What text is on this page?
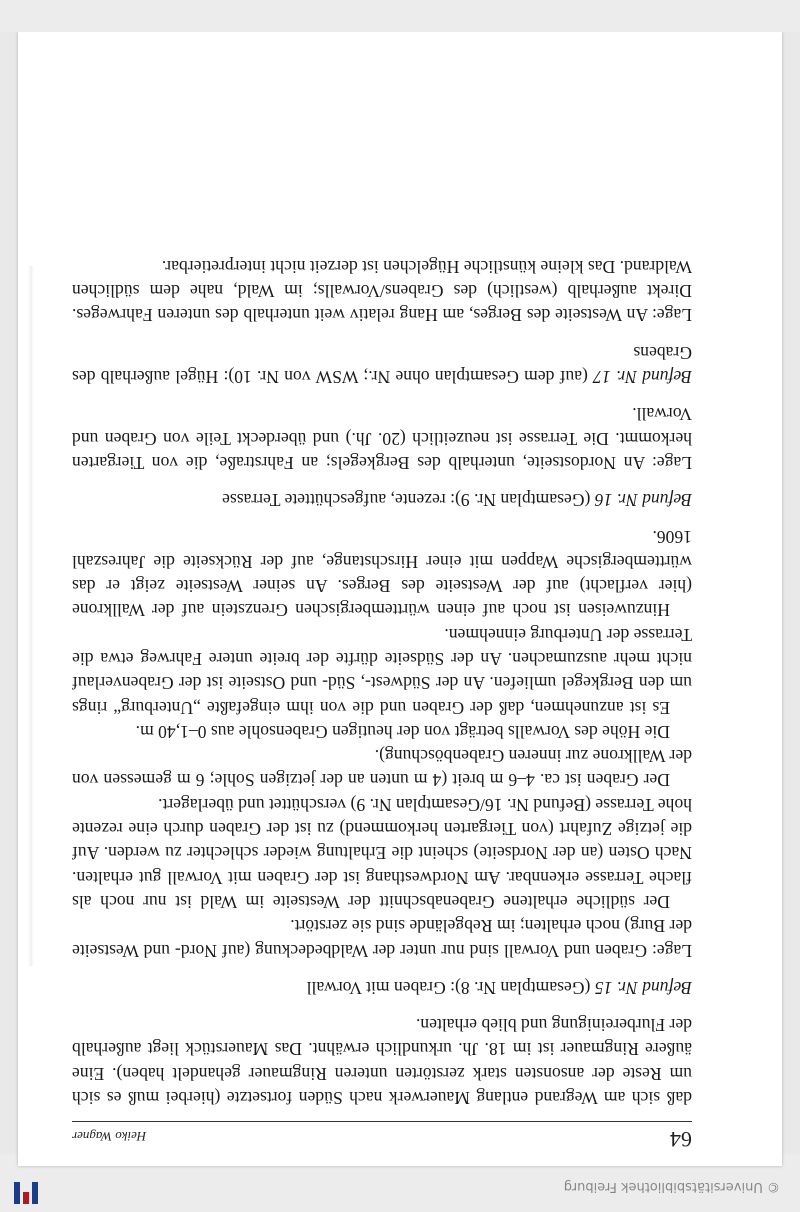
© Universitätsbibliothek Freiburg
64
Heiko Wagner

daß sich am Wegrand entlang Mauerwerk nach Süden fortsetzte (hierbei muß es sich um Reste der ansonsten stark zerstörten unteren Ringmauer gehandelt haben). Eine äußere Ringmauer ist im 18. Jh. urkundlich erwähnt. Das Mauerstück liegt außerhalb der Flurbereinigung und blieb erhalten.

Befund Nr. 15 (Gesamtplan Nr. 8): Graben mit Vorwall

Lage: Graben und Vorwall sind nur unter der Waldbedeckung (auf Nord- und Westseite der Burg) noch erhalten; im Rebgelände sind sie zerstört.

Der südliche erhaltene Grabenabschnitt der Westseite im Wald ist nur noch als flache Terrasse erkennbar. Am Nordwesthang ist der Graben mit Vorwall gut erhalten. Nach Osten (an der Nordseite) scheint die Erhaltung wieder schlechter zu werden. Auf die jetzige Zufahrt (von Tiergarten herkommend) zu ist der Graben durch eine rezente hohe Terrasse (Befund Nr. 16/Gesamtplan Nr. 9) verschüttet und überlagert.

Der Graben ist ca. 4–6 m breit (4 m unten an der jetzigen Sohle; 6 m gemessen von der Wallkrone zur inneren Grabenböschung).

Die Höhe des Vorwalls beträgt von der heutigen Grabensohle aus 0–1,40 m.

Es ist anzunehmen, daß der Graben und die von ihm eingefaßte „Unterburg“ rings um den Bergkegel umliefen. An der Südwest-, Süd- und Ostseite ist der Grabenverlauf nicht mehr auszumachen. An der Südseite dürfte der breite untere Fahrweg etwa die Terrasse der Unterburg einnehmen.

Hinzuweisen ist noch auf einen württembergischen Grenzstein auf der Wallkrone (hier verflacht) auf der Westseite des Berges. An seiner Westseite zeigt er das württembergische Wappen mit einer Hirschstange, auf der Rückseite die Jahreszahl 1606.

Befund Nr. 16 (Gesamtplan Nr. 9): rezente, aufgeschüttete Terrasse

Lage: An Nordostseite, unterhalb des Bergkegels; an Fahrstraße, die von Tiergarten herkommt. Die Terrasse ist neuzeitlich (20. Jh.) und überdeckt Teile von Graben und Vorwall.

Befund Nr. 17 (auf dem Gesamtplan ohne Nr.; WSW von Nr. 10): Hügel außerhalb des Grabens

Lage: An Westseite des Berges, am Hang relativ weit unterhalb des unteren Fahrweges. Direkt außerhalb (westlich) des Grabens/Vorwalls; im Wald, nahe dem südlichen Waldrand. Das kleine künstliche Hügelchen ist derzeit nicht interpretierbar.
